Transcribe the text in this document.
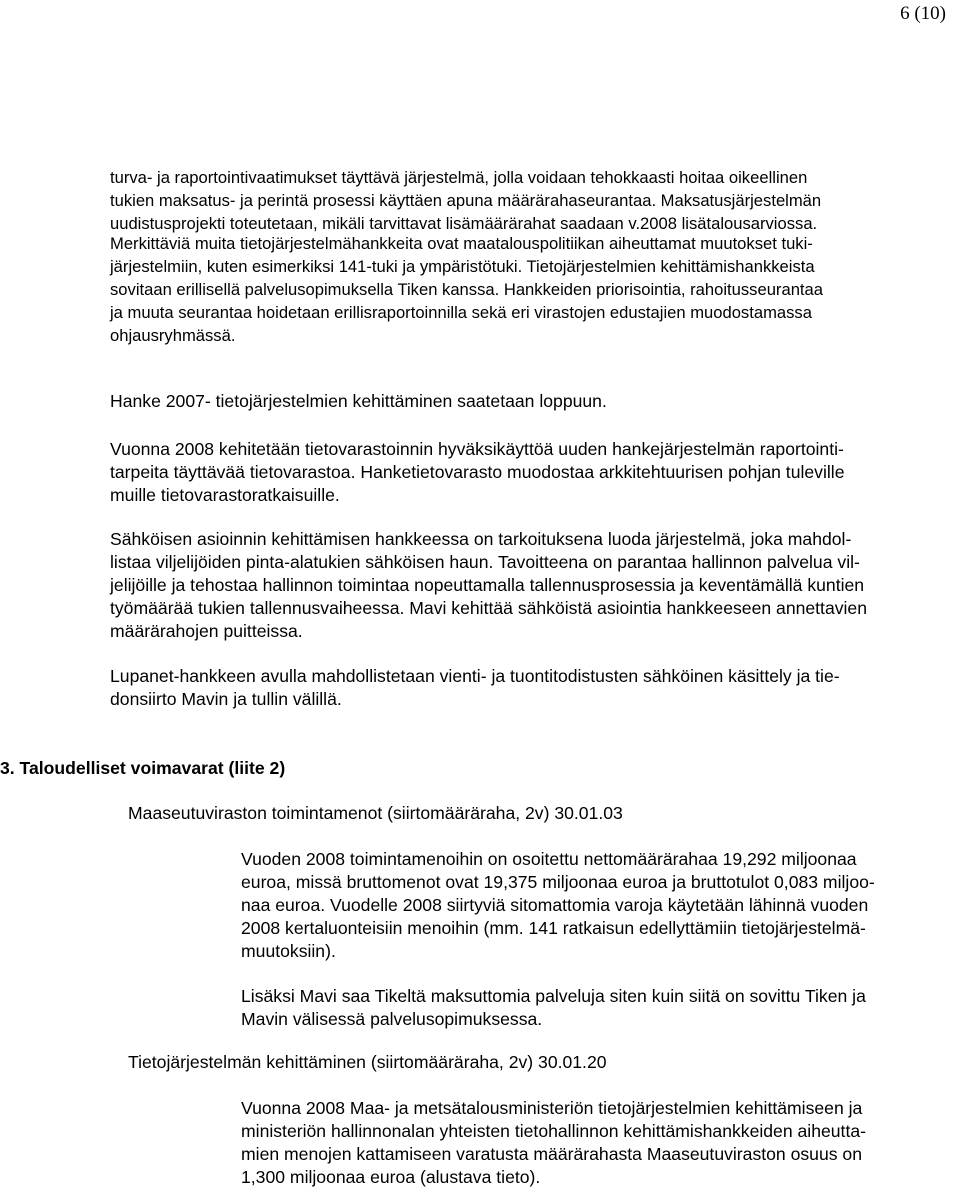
6 (10)
turva- ja raportointivaatimukset täyttävä järjestelmä, jolla voidaan tehokkaasti hoitaa oikeellinen
tukien maksatus- ja perintä prosessi käyttäen apuna määrärahaseurantaa. Maksatusjärjestelmän
uudistusprojekti toteutetaan, mikäli tarvittavat lisämäärärahat saadaan v.2008 lisätalousarviossa.
Merkittäviä muita tietojärjestelmähankkeita ovat maatalouspolitiikan aiheuttamat muutokset tuki-
järjestelmiin, kuten esimerkiksi 141-tuki ja ympäristötuki. Tietojärjestelmien kehittämishankkeista
sovitaan erillisellä palvelusopimuksella Tiken kanssa. Hankkeiden priorisointia, rahoitusseurantaa
ja muuta seurantaa hoidetaan erillisraportoinnilla sekä eri virastojen edustajien muodostamassa
ohjausryhmässä.
Hanke 2007- tietojärjestelmien kehittäminen saatetaan loppuun.
Vuonna 2008 kehitetään tietovarastoinnin hyväksikäyttöä uuden hankejärjestelmän raportointi-
tarpeita täyttävää tietovarastoa. Hanketietovarasto muodostaa arkkitehtuurisen pohjan tuleville
muille tietovarastoratkaisuille.
Sähköisen asioinnin kehittämisen hankkeessa on tarkoituksena luoda järjestelmä, joka mahdol-
listaa viljelijöiden pinta-alatukien sähköisen haun. Tavoitteena on parantaa hallinnon palvelua vil-
jelijöille ja tehostaa hallinnon toimintaa nopeuttamalla tallennusprosessia ja keventämällä kuntien
työmäärää tukien tallennusvaiheessa. Mavi kehittää sähköistä asiointia hankkeeseen annettavien
määrärahojen puitteissa.
Lupanet-hankkeen avulla mahdollistetaan vienti- ja tuontitodistusten sähköinen käsittely ja tie-
donsiirto Mavin ja tullin välillä.
3. Taloudelliset voimavarat (liite 2)
Maaseutuviraston toimintamenot (siirtomääräraha, 2v) 30.01.03
Vuoden 2008 toimintamenoihin on osoitettu nettomäärärahaa 19,292 miljoonaa
euroa, missä bruttomenot ovat 19,375 miljoonaa euroa ja bruttotulot 0,083 miljoo-
naa euroa. Vuodelle 2008 siirtyviä sitomattomia varoja käytetään lähinnä vuoden
2008 kertaluonteisiin menoihin (mm. 141 ratkaisun edellyttämiin tietojärjestelmä-
muutoksiin).
Lisäksi Mavi saa Tikeltä maksuttomia palveluja siten kuin siitä on sovittu Tiken ja
Mavin välisessä palvelusopimuksessa.
Tietojärjestelmän kehittäminen (siirtomääräraha, 2v) 30.01.20
Vuonna 2008 Maa- ja metsätalousministeriön tietojärjestelmien kehittämiseen ja
ministeriön hallinnonalan yhteisten tietohallinnon kehittämishankkeiden aiheutta-
mien menojen kattamiseen varatusta määrärahasta Maaseutuviraston osuus on
1,300 miljoonaa euroa (alustava tieto).
